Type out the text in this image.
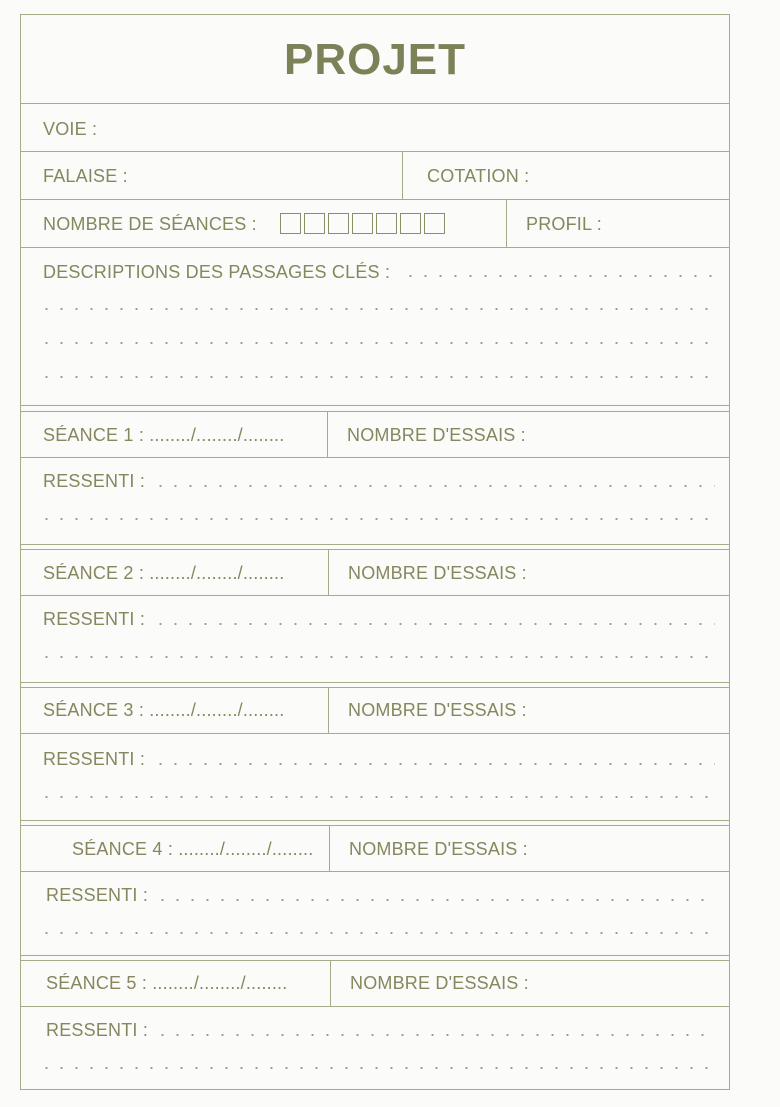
PROJET
VOIE :
FALAISE :	COTATION :
NOMBRE DE SÉANCES :	PROFIL :
DESCRIPTIONS DES PASSAGES CLÉS :
SÉANCE 1 : ......../......../........	NOMBRE D'ESSAIS :
RESSENTI :
SÉANCE 2 : ......../......../........	NOMBRE D'ESSAIS :
RESSENTI :
SÉANCE 3 : ......../......../........	NOMBRE D'ESSAIS :
RESSENTI :
SÉANCE 4 : ......../......../........ NOMBRE D'ESSAIS :
RESSENTI :
SÉANCE 5 : ......../......../........	NOMBRE D'ESSAIS :
RESSENTI :
